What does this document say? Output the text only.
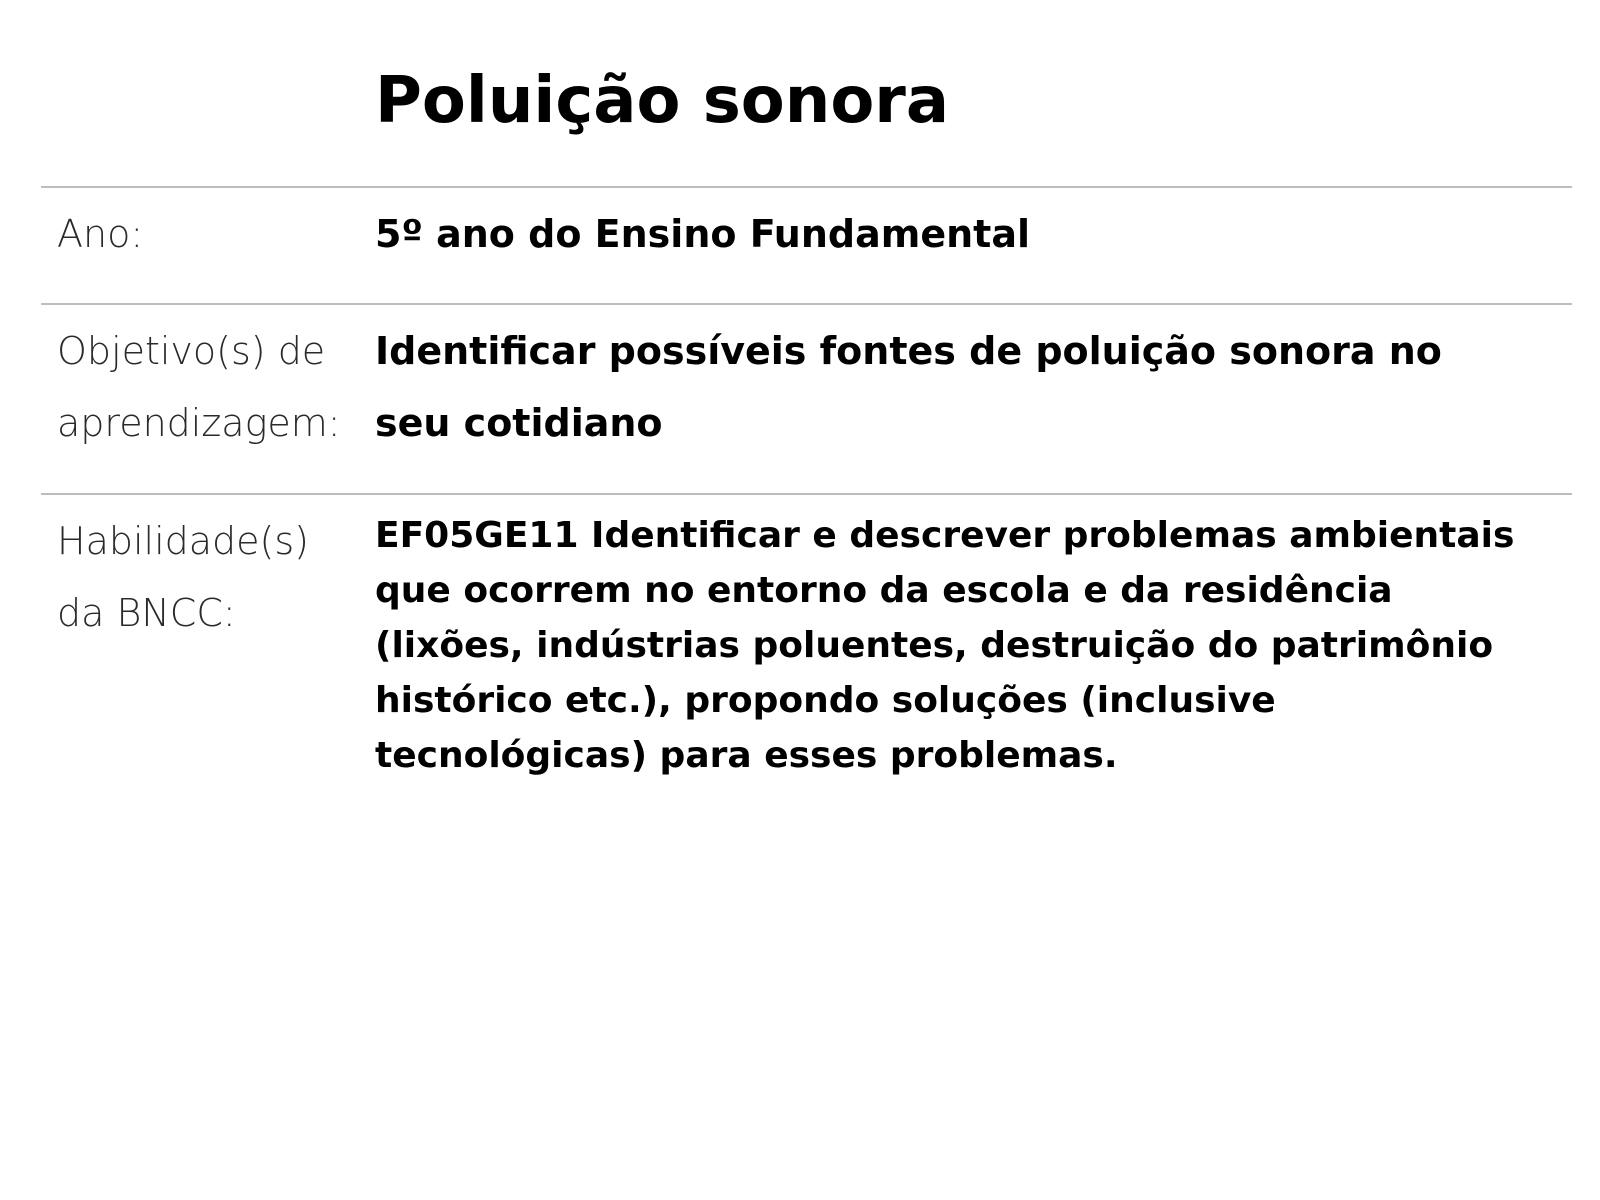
Poluição sonora
Ano:	5º ano do Ensino Fundamental
Objetivo(s) de aprendizagem:
Identificar possíveis fontes de poluição sonora no seu cotidiano
Habilidade(s) da BNCC:
EF05GE11 Identificar e descrever problemas ambientais que ocorrem no entorno da escola e da residência (lixões, indústrias poluentes, destruição do patrimônio histórico etc.), propondo soluções (inclusive tecnológicas) para esses problemas.
